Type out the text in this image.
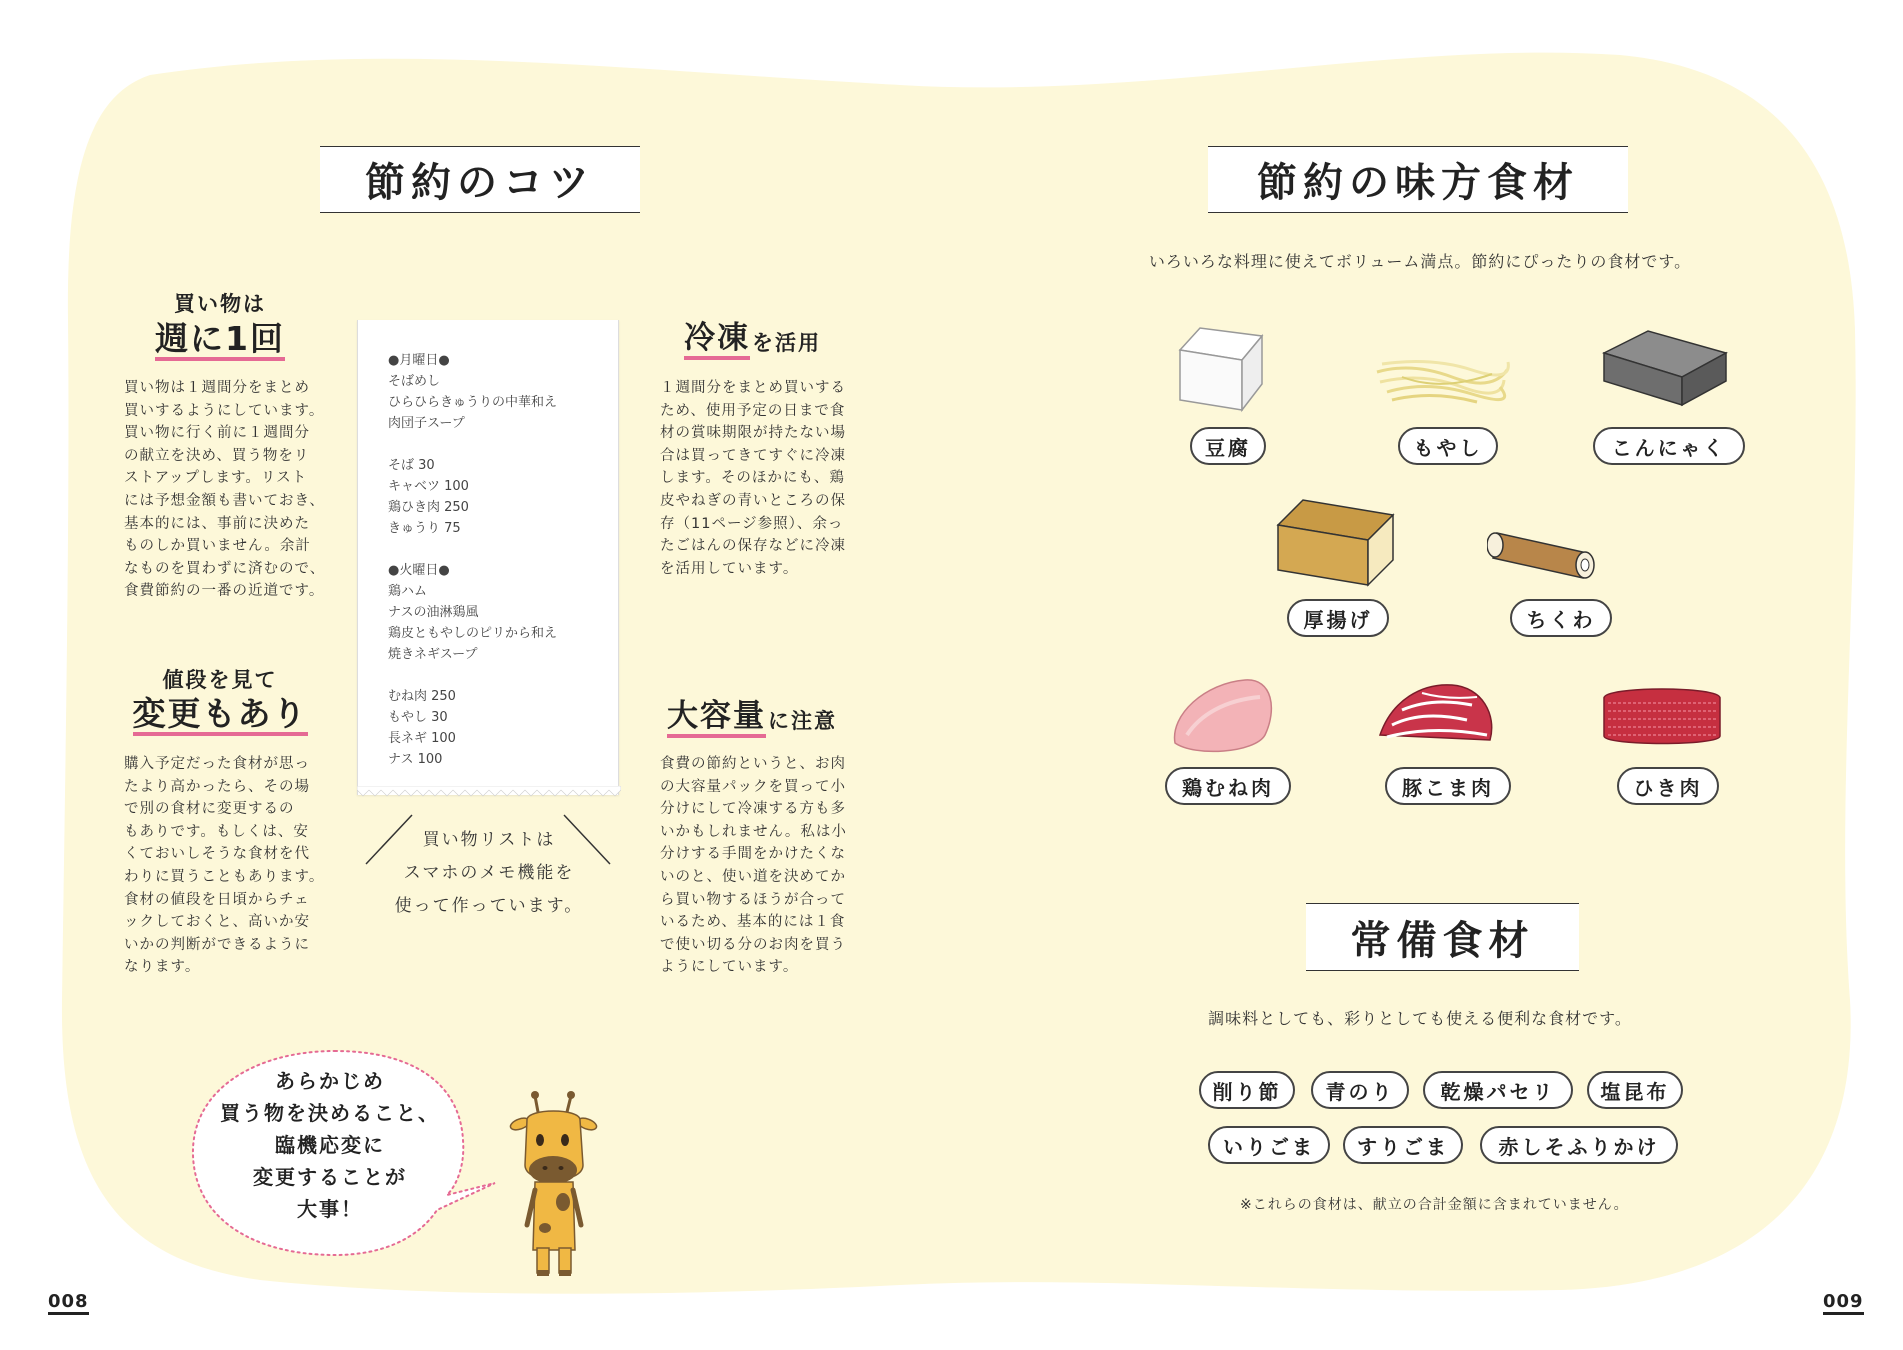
節約のコツ
買い物は
週に1回
買い物は１週間分をまとめ
買いするようにしています。
買い物に行く前に１週間分
の献立を決め、買う物をリ
ストアップします。リスト
には予想金額も書いておき、
基本的には、事前に決めた
ものしか買いません。余計
なものを買わずに済むので、
食費節約の一番の近道です。
値段を見て
変更もあり
購入予定だった食材が思っ
たより高かったら、その場
で別の食材に変更するの
もありです。もしくは、安
くておいしそうな食材を代
わりに買うこともあります。
食材の値段を日頃からチェ
ックしておくと、高いか安
いかの判断ができるように
なります。
●月曜日●
そばめし
ひらひらきゅうりの中華和え
肉団子スープ
そば 30
キャベツ 100
鶏ひき肉 250
きゅうり 75
●火曜日●
鶏ハム
ナスの油淋鶏風
鶏皮ともやしのピリから和え
焼きネギスープ
むね肉 250
もやし 30
長ネギ 100
ナス 100
買い物リストは
スマホのメモ機能を
使って作っています。
冷凍 を活用
１週間分をまとめ買いする
ため、使用予定の日まで食
材の賞味期限が持たない場
合は買ってきてすぐに冷凍
します。そのほかにも、鶏
皮やねぎの青いところの保
存（11ページ参照）、余っ
たごはんの保存などに冷凍
を活用しています。
大容量 に注意
食費の節約というと、お肉
の大容量パックを買って小
分けにして冷凍する方も多
いかもしれません。私は小
分けする手間をかけたくな
いのと、使い道を決めてか
ら買い物するほうが合って
いるため、基本的には１食
で使い切る分のお肉を買う
ようにしています。
あらかじめ
買う物を決めること、
臨機応変に
変更することが
大事！
008
節約の味方食材
いろいろな料理に使えてボリューム満点。節約にぴったりの食材です。
豆腐	もやし	こんにゃく
厚揚げ	ちくわ
鶏むね肉	豚こま肉	ひき肉
常備食材
調味料としても、彩りとしても使える便利な食材です。
削り節	青のり	乾燥パセリ	塩昆布
いりごま	すりごま	赤しそふりかけ
※これらの食材は、献立の合計金額に含まれていません。
009
